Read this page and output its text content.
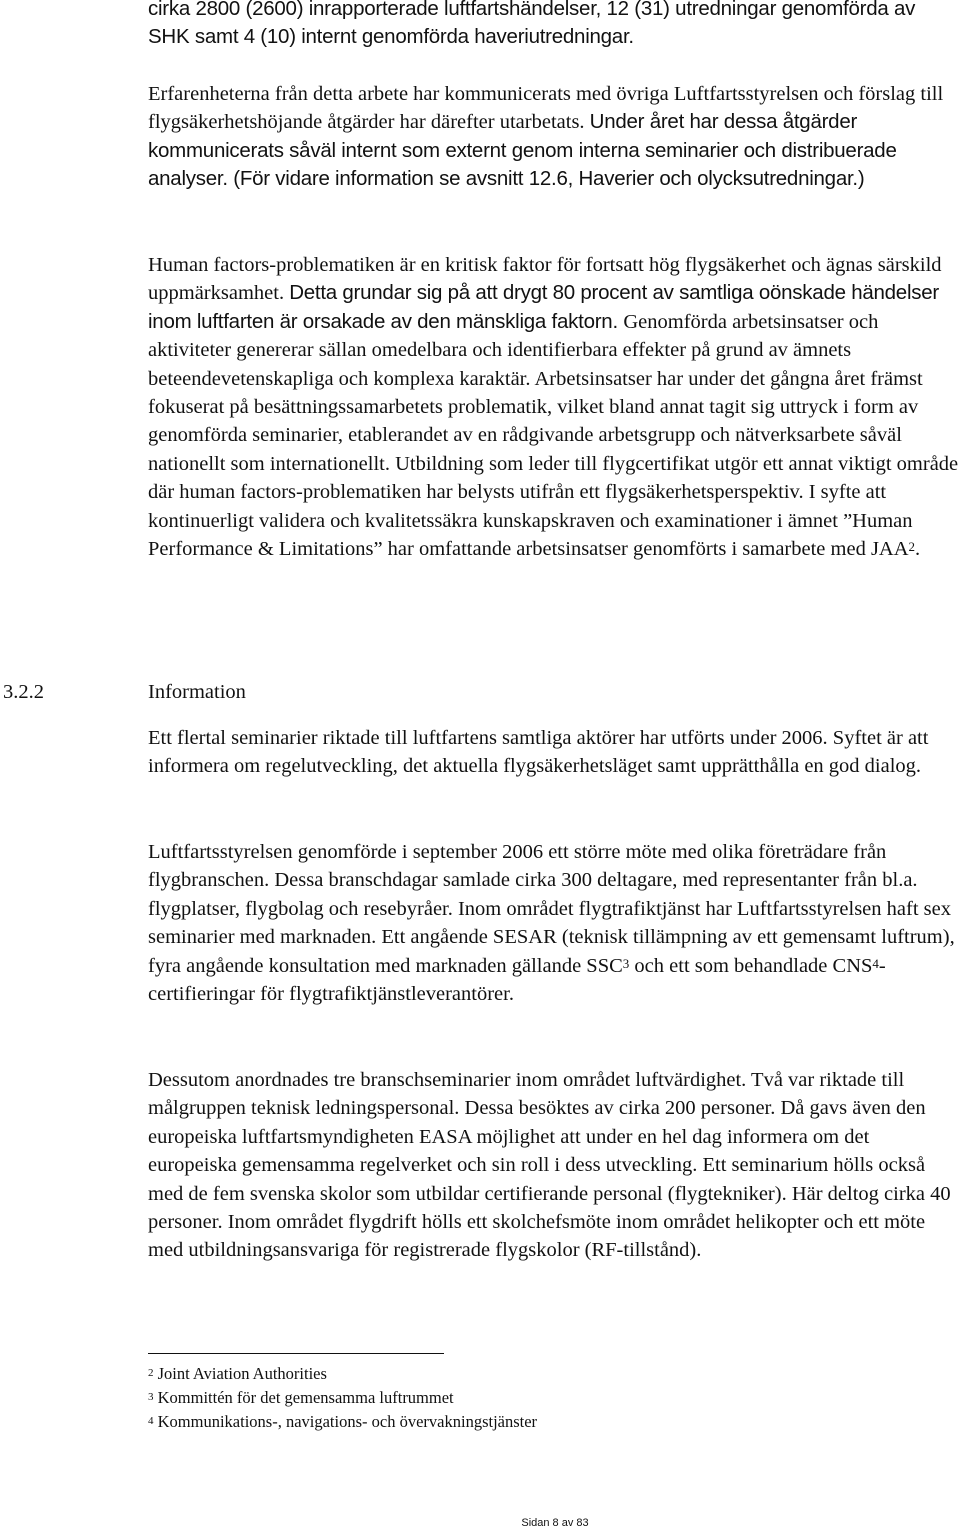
cirka 2800 (2600) inrapporterade luftfartshändelser, 12 (31) utredningar genomförda av SHK samt 4 (10) internt genomförda haveriutredningar.

Erfarenheterna från detta arbete har kommunicerats med övriga Luftfartsstyrelsen och förslag till flygsäkerhetshöjande åtgärder har därefter utarbetats. Under året har dessa åtgärder kommunicerats såväl internt som externt genom interna seminarier och distribuerade analyser. (För vidare information se avsnitt 12.6, Haverier och olycksutredningar.)

Human factors-problematiken är en kritisk faktor för fortsatt hög flygsäkerhet och ägnas särskild uppmärksamhet. Detta grundar sig på att drygt 80 procent av samtliga oönskade händelser inom luftfarten är orsakade av den mänskliga faktorn. Genomförda arbetsinsatser och aktiviteter genererar sällan omedelbara och identifierbara effekter på grund av ämnets beteendevetenskapliga och komplexa karaktär. Arbetsinsatser har under det gångna året främst fokuserat på besättningssamarbetets problematik, vilket bland annat tagit sig uttryck i form av genomförda seminarier, etablerandet av en rådgivande arbetsgrupp och nätverksarbete såväl nationellt som internationellt. Utbildning som leder till flygcertifikat utgör ett annat viktigt område där human factors-problematiken har belysts utifrån ett flygsäkerhetsperspektiv. I syfte att kontinuerligt validera och kvalitetssäkra kunskapskraven och examinationer i ämnet ”Human Performance & Limitations” har omfattande arbetsinsatser genomförts i samarbete med JAA$^2$.

3.2.2	Information

Ett flertal seminarier riktade till luftfartens samtliga aktörer har utförts under 2006. Syftet är att informera om regelutveckling, det aktuella flygsäkerhetsläget samt upprätthålla en god dialog.

Luftfartsstyrelsen genomförde i september 2006 ett större möte med olika företrädare från flygbranschen. Dessa branschdagar samlade cirka 300 deltagare, med representanter från bl.a. flygplatser, flygbolag och resebyråer. Inom området flygtrafiktjänst har Luftfartsstyrelsen haft sex seminarier med marknaden. Ett angående SESAR (teknisk tillämpning av ett gemensamt luftrum), fyra angående konsultation med marknaden gällande SSC$^3$ och ett som behandlade CNS$^4$-certifieringar för flygtrafiktjänstleverantörer.

Dessutom anordnades tre branschseminarier inom området luftvärdighet. Två var riktade till målgruppen teknisk ledningspersonal. Dessa besöktes av cirka 200 personer. Då gavs även den europeiska luftfartsmyndigheten EASA möjlighet att under en hel dag informera om det europeiska gemensamma regelverket och sin roll i dess utveckling. Ett seminarium hölls också med de fem svenska skolor som utbildar certifierande personal (flygtekniker). Här deltog cirka 40 personer. Inom området flygdrift hölls ett skolchefsmöte inom området helikopter och ett möte med utbildningsansvariga för registrerade flygskolor (RF-tillstånd).

$^2$ Joint Aviation Authorities
$^3$ Kommittén för det gemensamma luftrummet
$^4$ Kommunikations-, navigations- och övervakningstjänster
Sidan 8 av 83
